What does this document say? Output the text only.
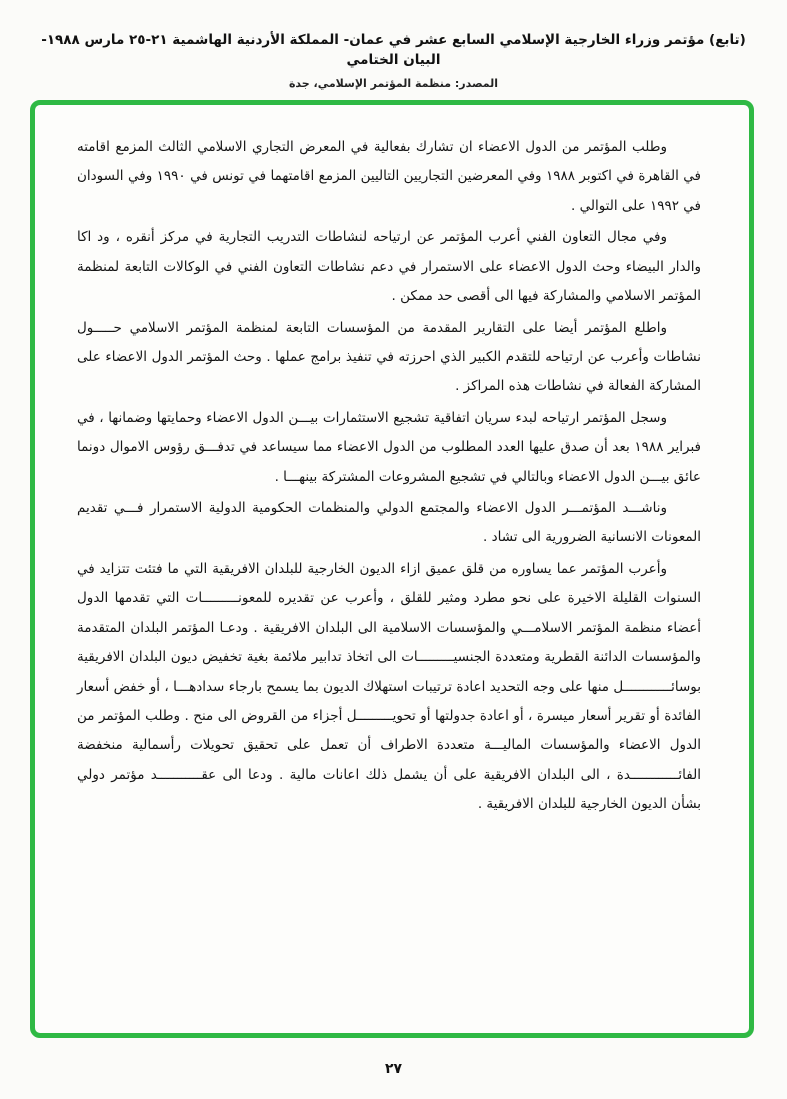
(تابع) مؤتمر وزراء الخارجية الإسلامي السابع عشر في عمان- المملكة الأردنية الهاشمية ٢١-٢٥ مارس ١٩٨٨- البيان الختامي
المصدر: منظمة المؤتمر الإسلامي، جدة

وطلب المؤتمر من الدول الاعضاء ان تشارك بفعالية في المعرض التجاري الاسلامي الثالث المزمع اقامته في القاهرة في اكتوبر ١٩٨٨ وفي المعرضين التجاريين التاليين المزمع اقامتهما في تونس في ١٩٩٠ وفي السودان في ١٩٩٢ على التوالي .

وفي مجال التعاون الفني أعرب المؤتمر عن ارتياحه لنشاطات التدريب التجارية في مركز أنقره ، ود اكا والدار البيضاء وحث الدول الاعضاء على الاستمرار في دعم نشاطات التعاون الفني في الوكالات التابعة لمنظمة المؤتمر الاسلامي والمشاركة فيها الى أقصى حد ممكن .

واطلع المؤتمر أيضا على التقارير المقدمة من المؤسسات التابعة لمنظمة المؤتمر الاسلامي حـــــول نشاطات وأعرب عن ارتياحه للتقدم الكبير الذي احرزته في تنفيذ برامج عملها . وحث المؤتمر الدول الاعضاء على المشاركة الفعالة في نشاطات هذه المراكز .

وسجل المؤتمر ارتياحه لبدء سريان اتفاقية تشجيع الاستثمارات بيـــن الدول الاعضاء وحمايتها وضمانها ، في فبراير ١٩٨٨ بعد أن صدق عليها العدد المطلوب من الدول الاعضاء مما سيساعد في تدفـــق رؤوس الاموال دونما عائق بيـــن الدول الاعضاء وبالتالي في تشجيع المشروعات المشتركة بينهـــا .

وناشـــد المؤتمـــر الدول الاعضاء والمجتمع الدولي والمنظمات الحكومية الدولية الاستمرار فـــي تقديم المعونات الانسانية الضرورية الى تشاد .

وأعرب المؤتمر عما يساوره من قلق عميق ازاء الديون الخارجية للبلدان الافريقية التي ما فتئت تتزايد في السنوات القليلة الاخيرة على نحو مطرد ومثير للقلق ، وأعرب عن تقديره للمعونـــــــــات التي تقدمها الدول أعضاء منظمة المؤتمر الاسلامـــي والمؤسسات الاسلامية الى البلدان الافريقية . ودعـا المؤتمر البلدان المتقدمة والمؤسسات الدائنة القطرية ومتعددة الجنسيـــــــــات الى اتخاذ تدابير ملائمة بغية تخفيض ديون البلدان الافريقية بوسائــــــــــــل منها على وجه التحديد اعادة ترتيبات استهلاك الديون بما يسمح بارجاء سدادهـــا ، أو خفض أسعار الفائدة أو تقرير أسعار ميسرة ، أو اعادة جدولتها أو تحويـــــــــل أجزاء من القروض الى منح . وطلب المؤتمر من الدول الاعضاء والمؤسسات الماليـــة متعددة الاطراف أن تعمل على تحقيق تحويلات رأسمالية منخفضة الفائــــــــــــدة ، الى البلدان الافريقية على أن يشمل ذلك اعانات مالية . ودعا الى عقـــــــــــد مؤتمر دولي بشأن الديون الخارجية للبلدان الافريقية .

٢٧
